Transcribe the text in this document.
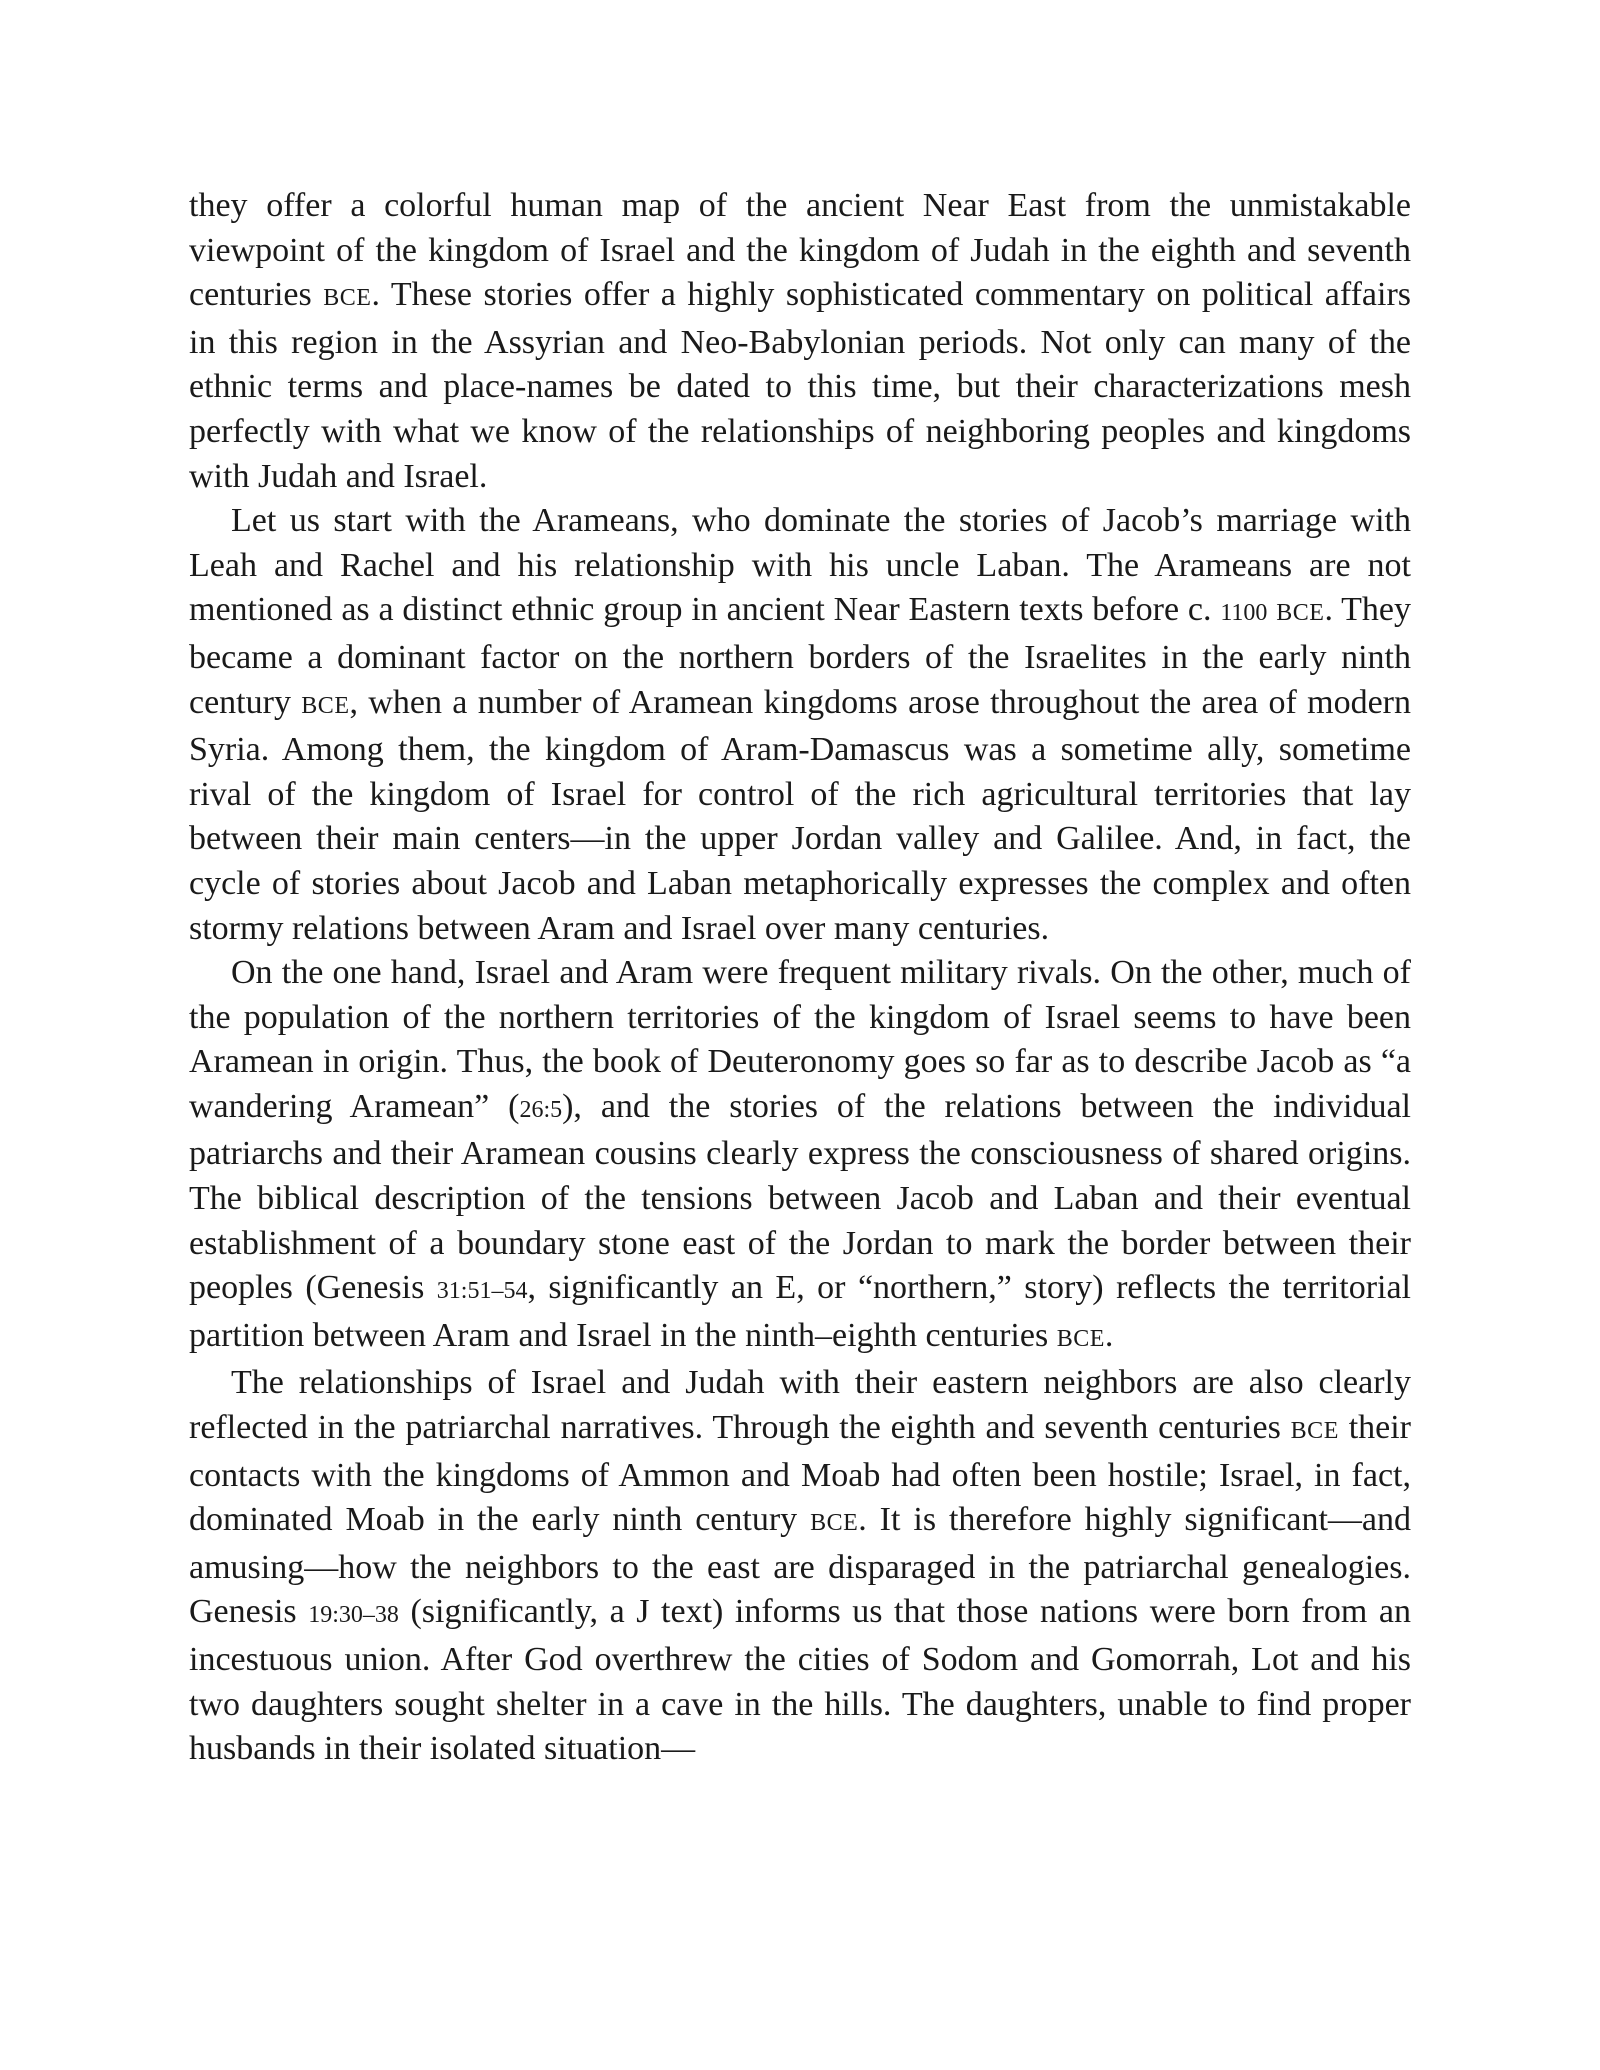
they offer a colorful human map of the ancient Near East from the unmistakable viewpoint of the kingdom of Israel and the kingdom of Judah in the eighth and seventh centuries BCE. These stories offer a highly sophisticated commentary on political affairs in this region in the Assyrian and Neo-Babylonian periods. Not only can many of the ethnic terms and place-names be dated to this time, but their characterizations mesh perfectly with what we know of the relationships of neighboring peoples and kingdoms with Judah and Israel.

Let us start with the Arameans, who dominate the stories of Jacob’s marriage with Leah and Rachel and his relationship with his uncle Laban. The Arameans are not mentioned as a distinct ethnic group in ancient Near Eastern texts before c. 1100 BCE. They became a dominant factor on the northern borders of the Israelites in the early ninth century BCE, when a number of Aramean kingdoms arose throughout the area of modern Syria. Among them, the kingdom of Aram-Damascus was a sometime ally, sometime rival of the kingdom of Israel for control of the rich agricultural territories that lay between their main centers—in the upper Jordan valley and Galilee. And, in fact, the cycle of stories about Jacob and Laban metaphorically expresses the complex and often stormy relations between Aram and Israel over many centuries.

On the one hand, Israel and Aram were frequent military rivals. On the other, much of the population of the northern territories of the kingdom of Israel seems to have been Aramean in origin. Thus, the book of Deuteronomy goes so far as to describe Jacob as “a wandering Aramean” (26:5), and the stories of the relations between the individual patriarchs and their Aramean cousins clearly express the consciousness of shared origins. The biblical description of the tensions between Jacob and Laban and their eventual establishment of a boundary stone east of the Jordan to mark the border between their peoples (Genesis 31:51–54, significantly an E, or “northern,” story) reflects the territorial partition between Aram and Israel in the ninth–eighth centuries BCE.

The relationships of Israel and Judah with their eastern neighbors are also clearly reflected in the patriarchal narratives. Through the eighth and seventh centuries BCE their contacts with the kingdoms of Ammon and Moab had often been hostile; Israel, in fact, dominated Moab in the early ninth century BCE. It is therefore highly significant—and amusing—how the neighbors to the east are disparaged in the patriarchal genealogies. Genesis 19:30–38 (significantly, a J text) informs us that those nations were born from an incestuous union. After God overthrew the cities of Sodom and Gomorrah, Lot and his two daughters sought shelter in a cave in the hills. The daughters, unable to find proper husbands in their isolated situation—
